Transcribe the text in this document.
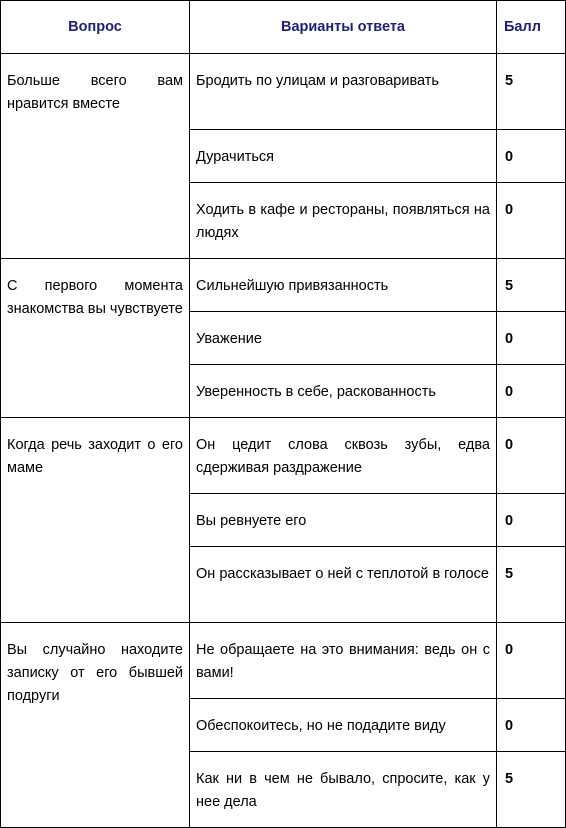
Вопрос	Варианты ответа	Балл
Больше всего вам нравится вместе	Бродить по улицам и разговаривать	5
	Дурачиться	0
	Ходить в кафе и рестораны, появляться на людях	0
С первого момента знакомства вы чувствуете	Сильнейшую привязанность	5
	Уважение	0
	Уверенность в себе, раскованность	0
Когда речь заходит о его маме	Он цедит слова сквозь зубы, едва сдерживая раздражение	0
	Вы ревнуете его	0
	Он рассказывает о ней с теплотой в голосе	5
Вы случайно находите записку от его бывшей подруги	Не обращаете на это внимания: ведь он с вами!	0
	Обеспокоитесь, но не подадите виду	0
	Как ни в чем не бывало, спросите, как у нее дела	5
